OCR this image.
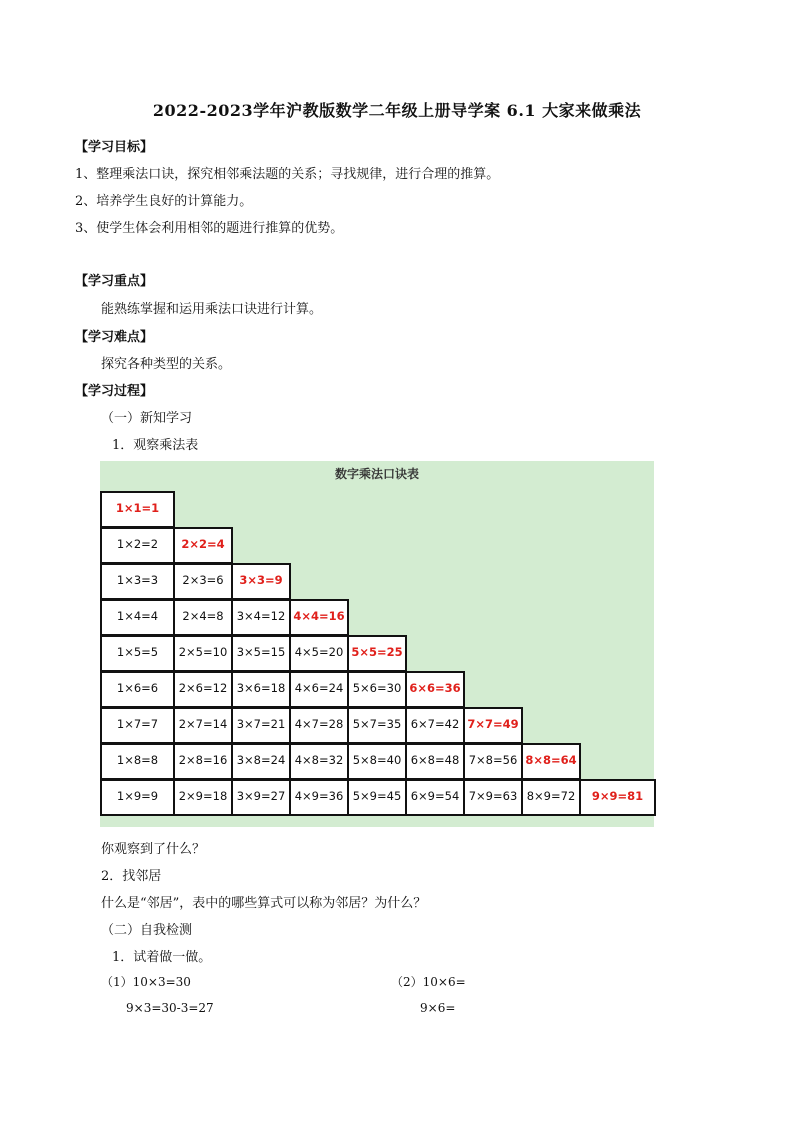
2022-2023学年沪教版数学二年级上册导学案 6.1 大家来做乘法
【学习目标】
1、整理乘法口诀，探究相邻乘法题的关系；寻找规律，进行合理的推算。
2、培养学生良好的计算能力。
3、使学生体会利用相邻的题进行推算的优势。
【学习重点】
能熟练掌握和运用乘法口诀进行计算。
【学习难点】
探究各种类型的关系。
【学习过程】
（一）新知学习
1．观察乘法表
数字乘法口诀表
1×1=1
1×2=2	2×2=4
1×3=3	2×3=6	3×3=9
1×4=4	2×4=8	3×4=12 4×4=16
1×5=5	2×5=10 3×5=15 4×5=20 5×5=25
1×6=6	2×6=12 3×6=18 4×6=24 5×6=30 6×6=36
1×7=7	2×7=14 3×7=21 4×7=28 5×7=35 6×7=42 7×7=49
1×8=8	2×8=16 3×8=24 4×8=32 5×8=40 6×8=48 7×8=56 8×8=64
1×9=9	2×9=18 3×9=27 4×9=36 5×9=45 6×9=54 7×9=63 8×9=72	9×9=81
你观察到了什么？
2．找邻居
什么是“邻居”，表中的哪些算式可以称为邻居？为什么？
（二）自我检测
1．试着做一做。
（1）10×3=30
9×3=30-3=27
（2）10×6=
9×6=
